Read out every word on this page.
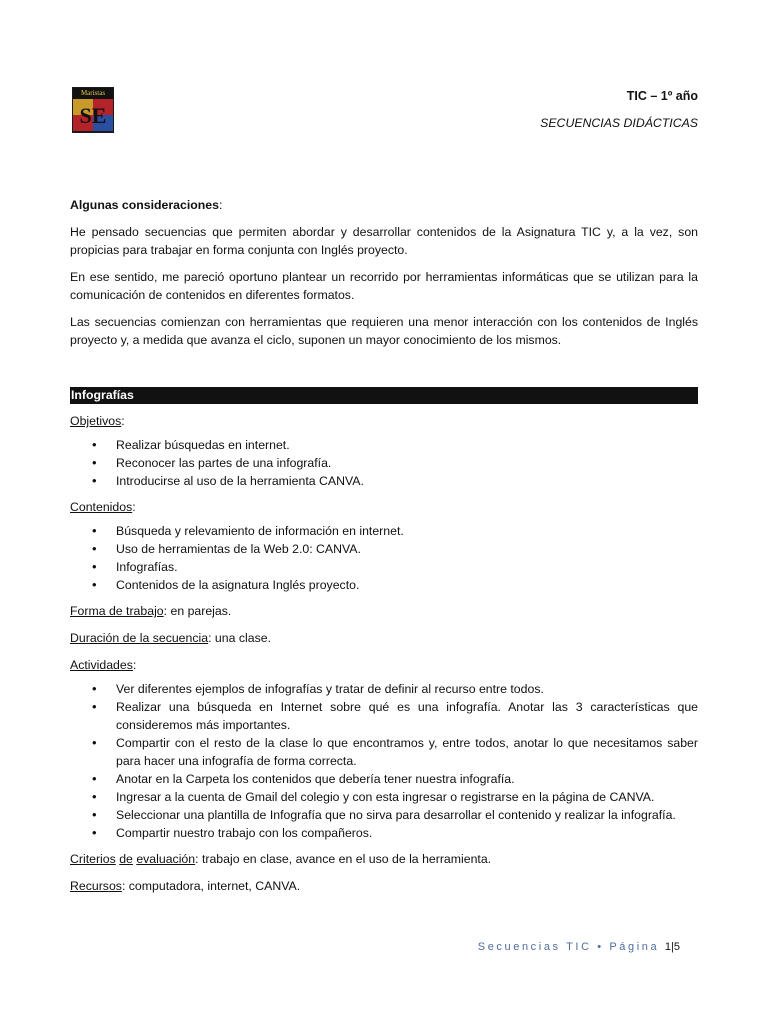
Maristas
SE
TIC – 1º año
SECUENCIAS DIDÁCTICAS

Algunas consideraciones:

He pensado secuencias que permiten abordar y desarrollar contenidos de la Asignatura TIC y, a la vez, son propicias para trabajar en forma conjunta con Inglés proyecto.

En ese sentido, me pareció oportuno plantear un recorrido por herramientas informáticas que se utilizan para la comunicación de contenidos en diferentes formatos.

Las secuencias comienzan con herramientas que requieren una menor interacción con los contenidos de Inglés proyecto y, a medida que avanza el ciclo, suponen un mayor conocimiento de los mismos.

Infografías

Objetivos:

• Realizar búsquedas en internet.
• Reconocer las partes de una infografía.
• Introducirse al uso de la herramienta CANVA.

Contenidos:

• Búsqueda y relevamiento de información en internet.
• Uso de herramientas de la Web 2.0: CANVA.
• Infografías.
• Contenidos de la asignatura Inglés proyecto.

Forma de trabajo: en parejas.

Duración de la secuencia: una clase.

Actividades:

• Ver diferentes ejemplos de infografías y tratar de definir al recurso entre todos.
• Realizar una búsqueda en Internet sobre qué es una infografía. Anotar las 3 características que consideremos más importantes.
• Compartir con el resto de la clase lo que encontramos y, entre todos, anotar lo que necesitamos saber para hacer una infografía de forma correcta.
• Anotar en la Carpeta los contenidos que debería tener nuestra infografía.
• Ingresar a la cuenta de Gmail del colegio y con esta ingresar o registrarse en la página de CANVA.
• Seleccionar una plantilla de Infografía que no sirva para desarrollar el contenido y realizar la infografía.
• Compartir nuestro trabajo con los compañeros.

Criterios de evaluación: trabajo en clase, avance en el uso de la herramienta.

Recursos: computadora, internet, CANVA.

Secuencias TIC • Página 1|5
